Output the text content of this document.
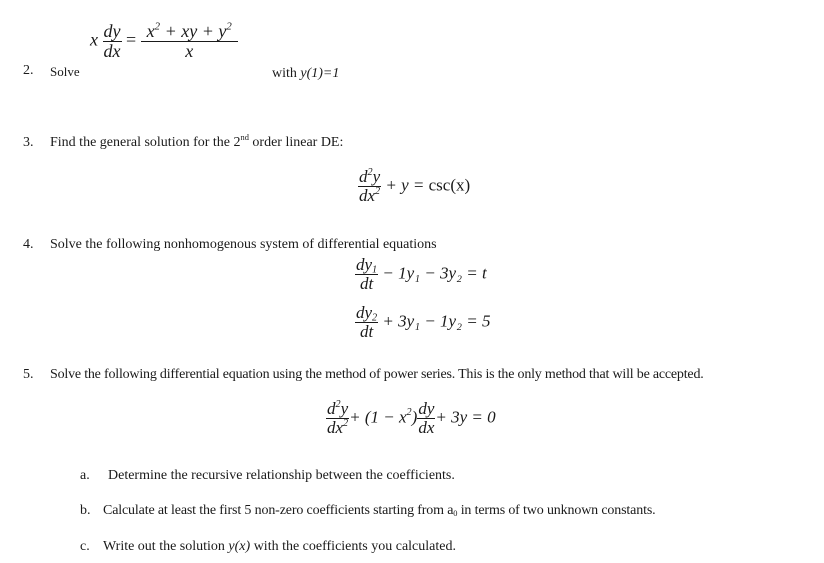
2. Solve
x $\frac{dy}{dx} = \frac{x^2 + xy + y^2}{x}$
with y(1)=1
3. Find the general solution for the 2nd order linear DE:
$\frac{d^2y}{dx^2} + y = \csc(x)$
4. Solve the following nonhomogenous system of differential equations
$\frac{dy_1}{dt} - 1y_1 - 3y_2 = t$
$\frac{dy_2}{dt} + 3y_1 - 1y_2 = 5$
5. Solve the following differential equation using the method of power series. This is the only method that will be accepted.
$\frac{d^2y}{dx^2} + (1 - x^2) \frac{dy}{dx} + 3y = 0$
a. Determine the recursive relationship between the coefficients.
b. Calculate at least the first 5 non-zero coefficients starting from $a_0$ in terms of two unknown constants.
c. Write out the solution y(x) with the coefficients you calculated.
